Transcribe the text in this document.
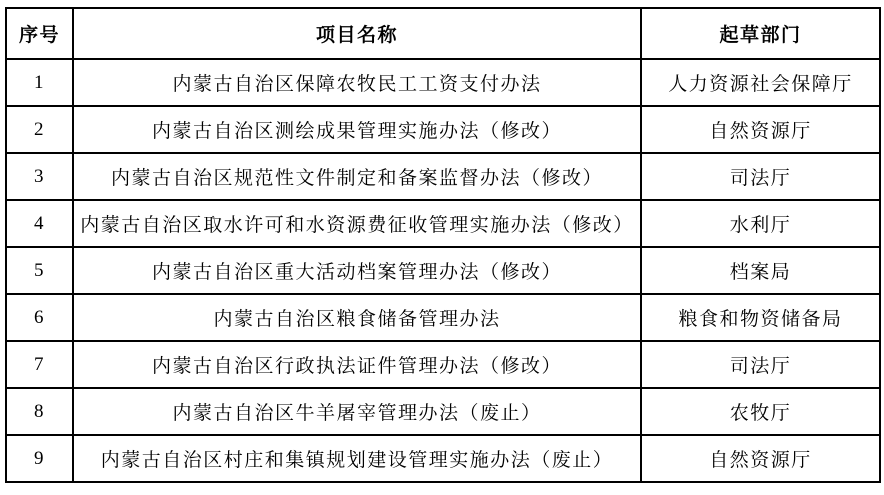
序号	项目名称	起草部门
1	内蒙古自治区保障农牧民工工资支付办法	人力资源社会保障厅
2	内蒙古自治区测绘成果管理实施办法（修改）	自然资源厅
3	内蒙古自治区规范性文件制定和备案监督办法（修改）	司法厅
4	内蒙古自治区取水许可和水资源费征收管理实施办法（修改）	水利厅
5	内蒙古自治区重大活动档案管理办法（修改）	档案局
6	内蒙古自治区粮食储备管理办法	粮食和物资储备局
7	内蒙古自治区行政执法证件管理办法（修改）	司法厅
8	内蒙古自治区牛羊屠宰管理办法（废止）	农牧厅
9	内蒙古自治区村庄和集镇规划建设管理实施办法（废止）	自然资源厅
